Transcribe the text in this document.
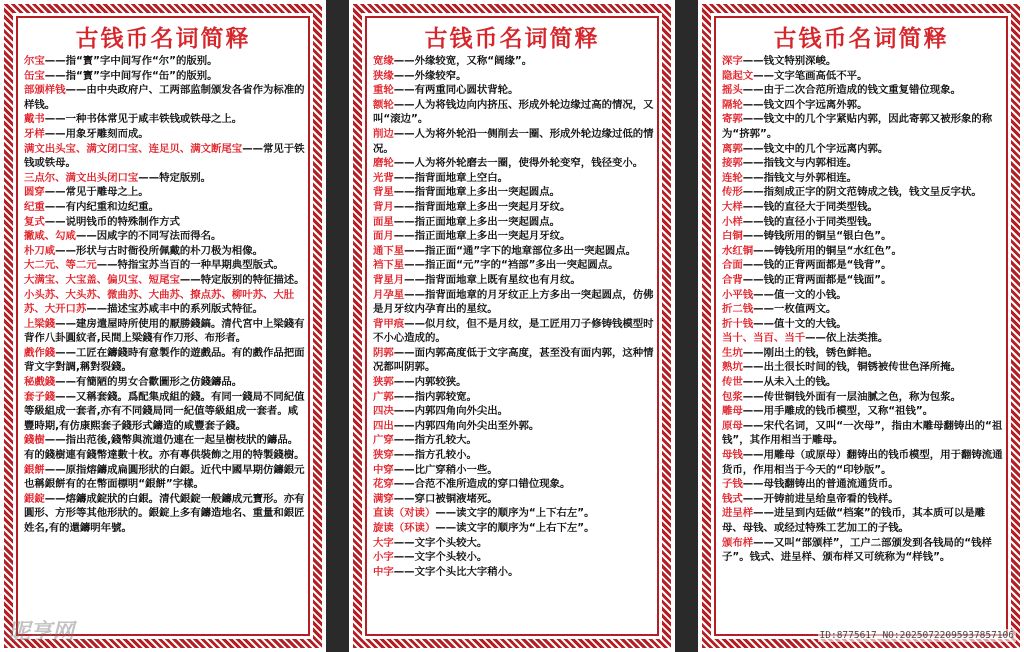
古钱币名词简释
尔宝——指“寳”字中间写作“尔”的版别。
缶宝——指“寳”字中间写作“缶”的版别。
部颁样钱——由中央政府户、工两部监制颁发各省作为标准的样钱。
戴书——一种书体常见于咸丰铁钱或铁母之上。
牙样——用象牙雕刻而成。
满文出头宝、满文闭口宝、连足贝、满文断尾宝——常见于铁钱或铁母。
三点尔、满文出头闭口宝——特定版别。
圆穿——常见于雕母之上。
纪重——有内纪重和边纪重。
复式——说明钱币的特殊制作方式
撇咸、勾咸——因咸字的不同写法而得名。
朴刀咸——形状与古时衙役所佩戴的朴刀极为相像。
大二元、等二元——特指宝苏当百的一种早期典型版式。
大满宝、大宝盖、偏贝宝、短尾宝——特定版别的特征描述。
小头苏、大头苏、微曲苏、大曲苏、撩点苏、柳叶苏、大肚苏、大开口苏——描述宝苏咸丰中的系列版式特征。
上梁錢——建房遣屋時所使用的厭勝錢鎬。清代宮中上梁錢有背作八卦圓紋者,民間上梁錢有作刀形、布形者。
戲作錢——工匠在鑄錢時有意製作的遊戲品。有的戲作品把面背文字對調,稱對裂錢。
秘戲錢——有簡陋的男女合歡圖形之仿錢鑄品。
套子錢——又稱套錢。爲配集成組的錢。有同一錢局不同紀值等級組成一套者,亦有不同錢局同一紀值等級組成一套者。咸豐時期,有仿康熙套子錢形式鑄造的咸豐套子錢。
錢樹——指出范後,錢幣與流道仍連在一起呈樹枝狀的鑄品。有的錢樹連有錢幣達數十枚。亦有專供裝飾之用的特製錢樹。
銀餅——原指熔鑄成扁圓形狀的白銀。近代中國早期仿鑄銀元也稱銀餅有的在幣面標明“銀餅”字樣。
銀錠——熔鑄成錠狀的白銀。清代銀錠一般鑄成元寶形。亦有圓形、方形等其他形狀的。銀錠上多有鑄造地名、重量和銀匠姓名,有的還鑄明年號。
古钱币名词简释
宽缘——外缘较宽，又称“阔缘”。
狭缘——外缘较窄。
重轮——有两重同心圆状背轮。
额轮——人为将钱边向内挤压、形成外轮边缘过高的情况，又叫“滚边”。
削边——人为将外轮沿一侧削去一圈、形成外轮边缘过低的情况。
磨轮——人为将外轮磨去一圈，使得外轮变窄，钱径变小。
光背——指背面地章上空白。
背星——指背面地章上多出一突起圆点。
背月——指背面地章上多出一突起月牙纹。
面星——指正面地章上多出一突起圆点。
面月——指正面地章上多出一突起月牙纹。
通下星——指正面“通”字下的地章部位多出一突起圆点。
裆下星——指正面“元”字的“裆部”多出一突起圆点。
背星月——指背面地章上既有星纹也有月纹。
月孕星——指背面地章的月牙纹正上方多出一突起圆点，仿佛是月牙纹内孕育出的星纹。
背甲痕——似月纹，但不是月纹，是工匠用刀子修铸钱模型时不小心造成的。
阴郭——面内郭高度低于文字高度，甚至没有面内郭，这种情况都叫阴郭。
狭郭——内郭较狭。
广郭——指内郭较宽。
四决——内郭四角向外尖出。
四出——内郭四角向外尖出至外郭。
广穿——指方孔较大。
狭穿——指方孔较小。
中穿——比广穿稍小一些。
花穿——合范不准所造成的穿口错位现象。
满穿——穿口被铜液堵死。
直读（对读）——读文字的顺序为“上下右左”。
旋读（环读）——读文字的顺序为“上右下左”。
大字——文字个头较大。
小字——文字个头较小。
中字——文字个头比大字稍小。
古钱币名词简释
深字——钱文特别深峻。
隐起文——文字笔画高低不平。
摇头——由于二次合范所造成的钱文重复错位现象。
隔轮——钱文四个字远离外郭。
寄郭——钱文中的几个字紧贴内郭，因此寄郭又被形象的称为“挤郭”。
离郭——钱文中的几个字远离内郭。
接郭——指钱文与内郭相连。
连轮——指钱文与外郭相连。
传形——指刻成正字的阴文范铸成之钱，钱文呈反字状。
大样——钱的直径大于同类型钱。
小样——钱的直径小于同类型钱。
白铜——铸钱所用的铜呈“银白色”。
水红铜——铸钱所用的铜呈“水红色”。
合面——钱的正背两面都是“钱背”。
合背——钱的正背两面都是“钱面”。
小平钱——值一文的小钱。
折二钱——一枚值两文。
折十钱——值十文的大钱。
当十、当百、当千——依上法类推。
生坑——刚出土的钱，锈色鲜艳。
熟坑——出土很长时间的钱，铜锈被传世色泽所掩。
传世——从未入土的钱。
包浆——传世铜钱外面有一层油腻之色，称为包浆。
雕母——用手雕成的钱币模型，又称“祖钱”。
原母——宋代名词，又叫“一次母”，指由木雕母翻铸出的“祖钱”，其作用相当于雕母。
母钱——用雕母（或原母）翻铸出的钱币模型，用于翻铸流通货币，作用相当于今天的“印钞版”。
子钱——母钱翻铸出的普通流通货币。
钱式——开铸前进呈给皇帝看的钱样。
进呈样——进呈到内廷做“档案”的钱币，其本质可以是雕母、母钱、或经过特殊工艺加工的子钱。
颁布样——又叫“部颁样”，工户二部颁发到各钱局的“钱样子”。钱式、进呈样、颁布样又可统称为“样钱”。
昵享网	ID:8775617 NO:20250722095937857106
